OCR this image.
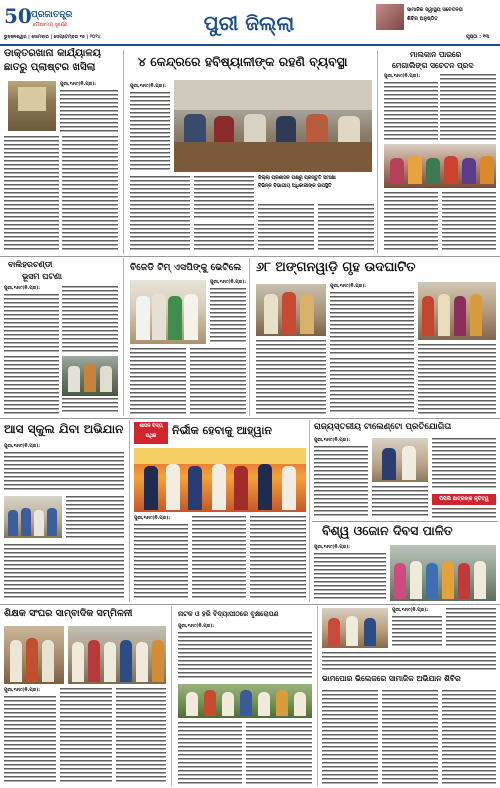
50 ପ୍ରଜାତନ୍ତ୍ର
ଗୌରବମୟ ସୁବର୍ଣ୍ଣ
ଭୁବନେଶ୍ୱର | ସୋମବାର | ସେପ୍ଟେମ୍ବର ୧୭ | ୨୦୨୪
ପୁରୀ ଜିଲ୍ଲା
ସାମାଜିକ ସ୍ୱାସ୍ଥ୍ୟ ସଚେତନତା
ଶିବିର ଅନୁଷ୍ଠିତ
ପୃଷ୍ଠା : ୧୩
ଡାକ୍ତରଖାନା କାର୍ଯ୍ୟାଳୟ
ଛାତରୁ ପ୍ଲାଷ୍ଟର ଖସିଲା
ପୁରୀ,୧୬ା୯(ନି.ପ୍ର):
୪ କେନ୍ଦ୍ରରେ ହବିଷ୍ୟାଳୀଙ୍କ ରହଣି ବ୍ୟବସ୍ଥା
ପୁରୀ,୧୬ା୯(ନି.ପ୍ର):
ଜିଲ୍ଲା ପ୍ରଶାସନ ପକ୍ଷରୁ ପ୍ରସ୍ତୁତି ସମୀକ୍ଷା
ବିଭିନ୍ନ ବିଭାଗୀୟ ଅଧିକାରୀଙ୍କ ଉପସ୍ଥିତି
ମାଲକାନ ପାରରେ
ମେଗାଲିଙ୍ଗ ସଚେତନ ପ୍ରଦ
ପୁରୀ,୧୬ା୯(ନି.ପ୍ର):
ବାଲିହରଚଣ୍ଡୀ
ଭୂସମ ଘଟଣା
ପୁରୀ,୧୬ା୯(ନି.ପ୍ର):
ବିଜେଡି ଟିମ୍ ଏସପିଙ୍କୁ ଭେଟିଲେ
ପୁରୀ,୧୬ା୯(ନି.ପ୍ର):
୬୮ ଅଙ୍ଗନୱାଡ଼ି ଗୃହ ଉଦଘାଟିତ
ପୁରୀ,୧୬ା୯(ନି.ପ୍ର):
ଆସ ସ୍କୁଲ ଯିବା ଅଭିଯାନ
ପୁରୀ,୧୬ା୯(ନି.ପ୍ର):
ଶାସନ ବିଦ୍ୟ
ପଥିକ	ନିର୍ଭୀକ ହେବାକୁ ଆହ୍ୱାନ
ପୁରୀ,୧୬ା୯(ନି.ପ୍ର):
ରାଜ୍ୟସ୍ତରୀୟ ଟାଲେଣ୍ଟୋ ପ୍ରତିଯୋଗିତା
ପୁରୀ,୧୬ା୯(ନି.ପ୍ର):
ପିପିଲି ଛାତ୍ରଙ୍କ କୃତିତ୍ୱ
ବିଶ୍ୱ ଓଜୋନ ଦିବସ ପାଳିତ
ପୁରୀ,୧୬ା୯(ନି.ପ୍ର):
ଶିକ୍ଷକ ସଂଘର ସାମ୍ବାଦିକ ସମ୍ମିଳନୀ
ପୁରୀ,୧୬ା୯(ନି.ପ୍ର):
ନାଟକ ଓ ହରି ବିଦ୍ୟାପୀଠରେ ବୃକ୍ଷରୋପଣ
ପୁରୀ,୧୬ା୯(ନି.ପ୍ର):
ପୁରୀ,୧୬ା୯(ନି.ପ୍ର):
ଭାମପୋର ଭିଲେଜରେ ସାମାଜିକ ଅଭିଯାନ ଶିବିର
